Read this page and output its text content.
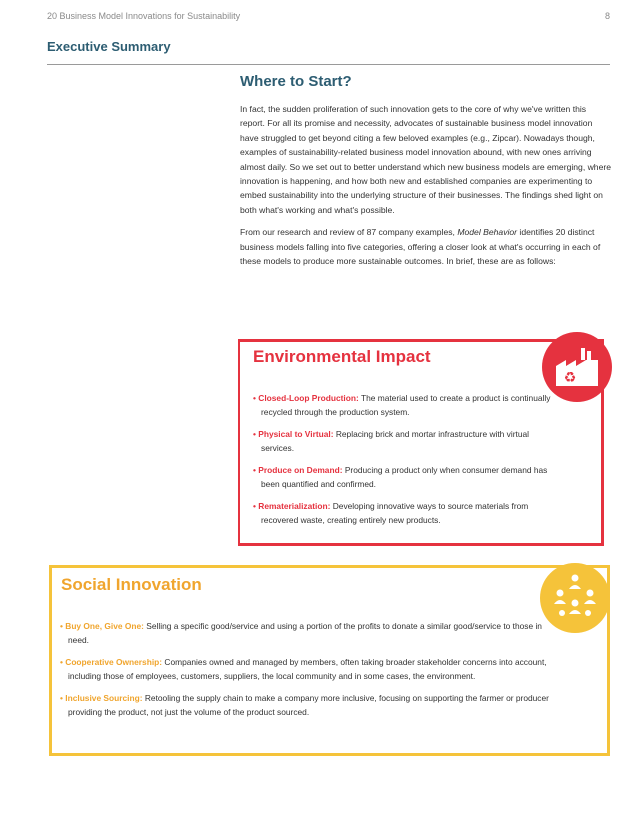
20 Business Model Innovations for Sustainability	8
Executive Summary
Where to Start?

In fact, the sudden proliferation of such innovation gets to the core of why we've written this report. For all its promise and necessity, advocates of sustainable business model innovation have struggled to get beyond citing a few beloved examples (e.g., Zipcar). Nowadays though, examples of sustainability-related business model innovation abound, with new ones arriving almost daily. So we set out to better understand which new business models are emerging, where innovation is happening, and how both new and established companies are experimenting to embed sustainability into the underlying structure of their businesses. The findings shed light on both what's working and what's possible.

From our research and review of 87 company examples, Model Behavior identifies 20 distinct business models falling into five categories, offering a closer look at what's occurring in each of these models to produce more sustainable outcomes. In brief, these are as follows:

Environmental Impact
• Closed-Loop Production: The material used to create a product is continually recycled through the production system.
• Physical to Virtual: Replacing brick and mortar infrastructure with virtual services.
• Produce on Demand: Producing a product only when consumer demand has been quantified and confirmed.
• Rematerialization: Developing innovative ways to source materials from recovered waste, creating entirely new products.
♻
Social Innovation
• Buy One, Give One: Selling a specific good/service and using a portion of the profits to donate a similar good/service to those in need.
• Cooperative Ownership: Companies owned and managed by members, often taking broader stakeholder concerns into account, including those of employees, customers, suppliers, the local community and in some cases, the environment.
• Inclusive Sourcing: Retooling the supply chain to make a company more inclusive, focusing on supporting the farmer or producer providing the product, not just the volume of the product sourced.
